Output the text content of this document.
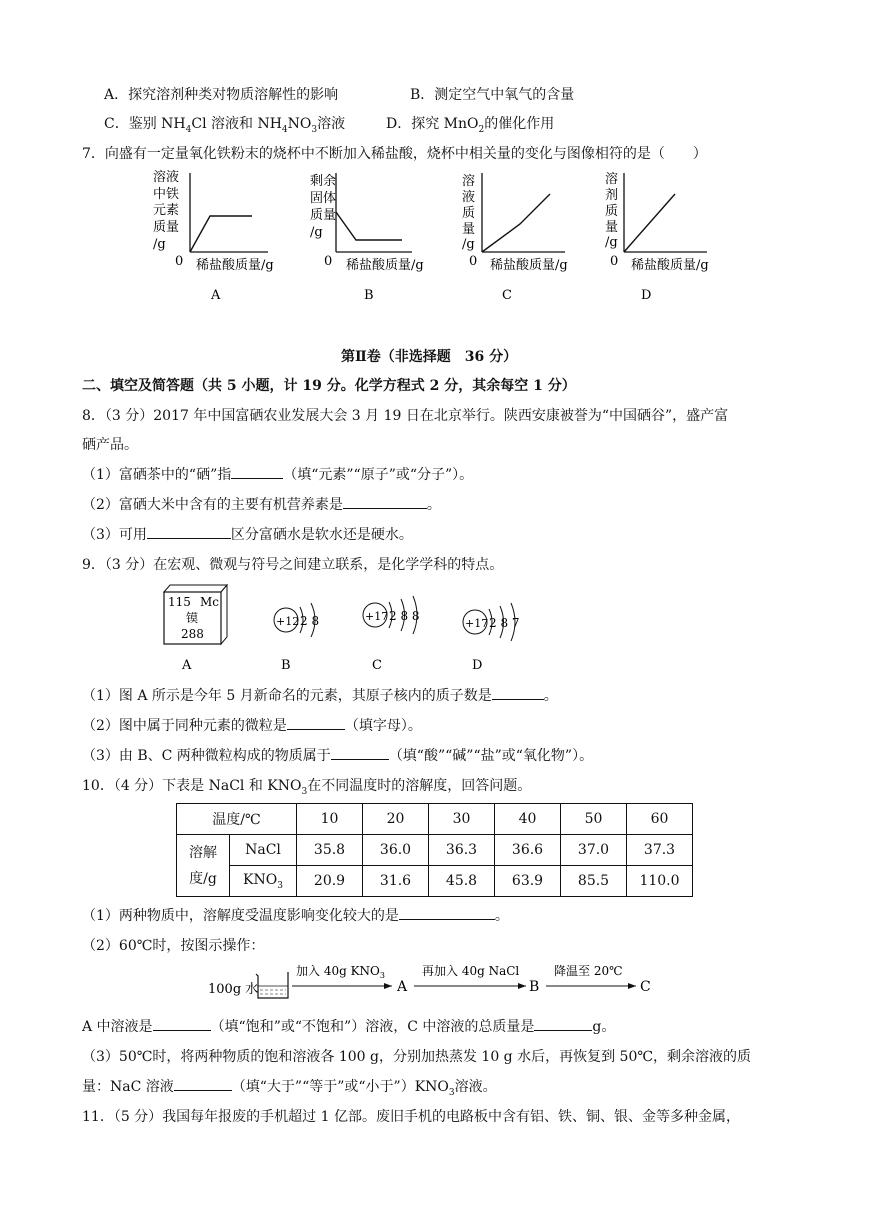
A．探究溶剂种类对物质溶解性的影响	B．测定空气中氧气的含量
C．鉴别 $NH_4Cl$ 溶液和 $NH_4NO_3$溶液	D．探究 MnO$_2$的催化作用
7．向盛有一定量氧化铁粉末的烧杯中不断加入稀盐酸，烧杯中相关量的变化与图像相符的是（　　）
溶液
中铁
元素
质量
/g
0 稀盐酸质量/g
A
剩余
固体
质量
/g
0 稀盐酸质量/g
B
溶
液
质
量
/g
0 稀盐酸质量/g
C
溶
剂
质
量
/g
0 稀盐酸质量/g
D
第Ⅱ卷（非选择题　36 分）
二、填空及简答题（共 5 小题，计 19 分。化学方程式 2 分，其余每空 1 分）
8．（3 分）2017 年中国富硒农业发展大会 3 月 19 日在北京举行。陕西安康被誉为“中国硒谷”，盛产富
硒产品。
（1）富硒茶中的“硒”指	（填“元素”“原子”或“分子”）。
（2）富硒大米中含有的主要有机营养素是	。
（3）可用	区分富硒水是软水还是硬水。
9．（3 分）在宏观、微观与符号之间建立联系，是化学学科的特点。
115 Mc
镆
288
+12 2 8	+17 2 8 8
+17 2 8 7
A	B	C	D
（1）图 A 所示是今年 5 月新命名的元素，其原子核内的质子数是	。
（2）图中属于同种元素的微粒是	（填字母）。
（3）由 B、C 两种微粒构成的物质属于	（填“酸”“碱”“盐”或“氧化物”）。
10．（4 分）下表是 NaCl 和 $KNO_3$在不同温度时的溶解度，回答问题。
温度/℃		10	20	30	40	50	60
溶解
度/g	NaCl	35.8	36.0	36.3	36.6	37.0	37.3
	$KNO_3$	20.9	31.6	45.8	63.9	85.5	110.0
（1）两种物质中，溶解度受温度影响变化较大的是	。
（2）60℃时，按图示操作：
100g 水
加入 40g $KNO_3$
A
再加入 40g NaCl
B
降温至 20℃
C
A 中溶液是	（填“饱和”或“不饱和”）溶液，C 中溶液的总质量是	g。
（3）50℃时，将两种物质的饱和溶液各 100 g，分别加热蒸发 10 g 水后，再恢复到 50℃，剩余溶液的质
量：NaC 溶液	（填“大于”“等于”或“小于$”)KNO_3$溶液。
11．（5 分）我国每年报废的手机超过 1 亿部。废旧手机的电路板中含有铝、铁、铜、银、金等多种金属，
